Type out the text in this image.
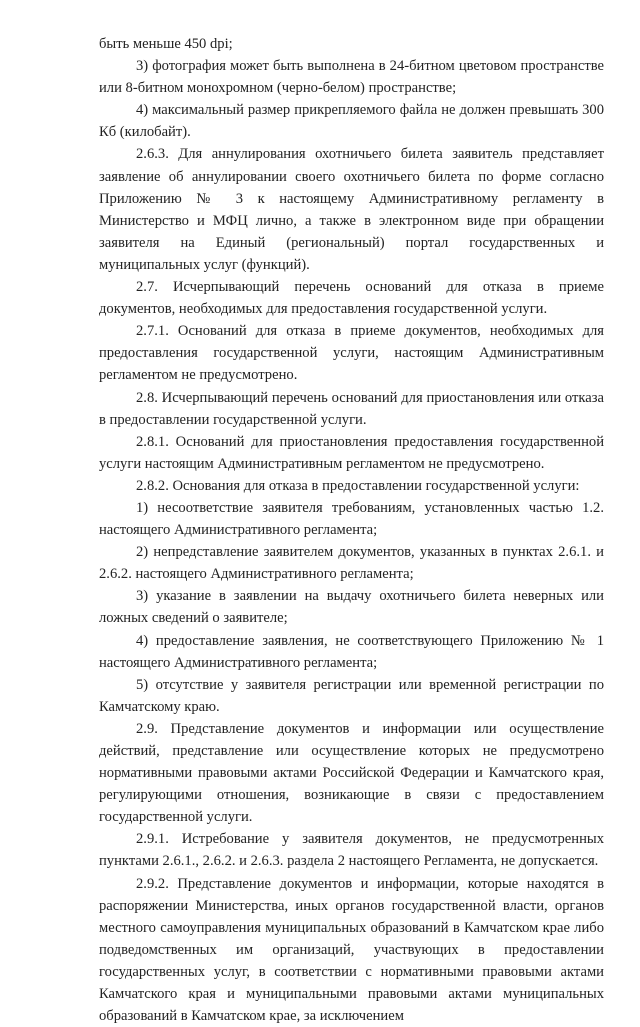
быть меньше 450 dpi;

3) фотография может быть выполнена в 24-битном цветовом пространстве или 8-битном монохромном (черно-белом) пространстве;

4) максимальный размер прикрепляемого файла не должен превышать 300 Кб (килобайт).

2.6.3. Для аннулирования охотничьего билета заявитель представляет заявление об аннулировании своего охотничьего билета по форме согласно Приложению № 3 к настоящему Административному регламенту в Министерство и МФЦ лично, а также в электронном виде при обращении заявителя на Единый (региональный) портал государственных и муниципальных услуг (функций).

2.7. Исчерпывающий перечень оснований для отказа в приеме документов, необходимых для предоставления государственной услуги.

2.7.1. Оснований для отказа в приеме документов, необходимых для предоставления государственной услуги, настоящим Административным регламентом не предусмотрено.

2.8. Исчерпывающий перечень оснований для приостановления или отказа в предоставлении государственной услуги.

2.8.1. Оснований для приостановления предоставления государственной услуги настоящим Административным регламентом не предусмотрено.

2.8.2. Основания для отказа в предоставлении государственной услуги:

1) несоответствие заявителя требованиям, установленных частью 1.2. настоящего Административного регламента;

2) непредставление заявителем документов, указанных в пунктах 2.6.1. и 2.6.2. настоящего Административного регламента;

3) указание в заявлении на выдачу охотничьего билета неверных или ложных сведений о заявителе;

4) предоставление заявления, не соответствующего Приложению № 1 настоящего Административного регламента;

5) отсутствие у заявителя регистрации или временной регистрации по Камчатскому краю.

2.9. Представление документов и информации или осуществление действий, представление или осуществление которых не предусмотрено нормативными правовыми актами Российской Федерации и Камчатского края, регулирующими отношения, возникающие в связи с предоставлением государственной услуги.

2.9.1. Истребование у заявителя документов, не предусмотренных пунктами 2.6.1., 2.6.2. и 2.6.3. раздела 2 настоящего Регламента, не допускается.

2.9.2. Представление документов и информации, которые находятся в распоряжении Министерства, иных органов государственной власти, органов местного самоуправления муниципальных образований в Камчатском крае либо подведомственных им организаций, участвующих в предоставлении государственных услуг, в соответствии с нормативными правовыми актами Камчатского края и муниципальными правовыми актами муниципальных образований в Камчатском крае, за исключением
